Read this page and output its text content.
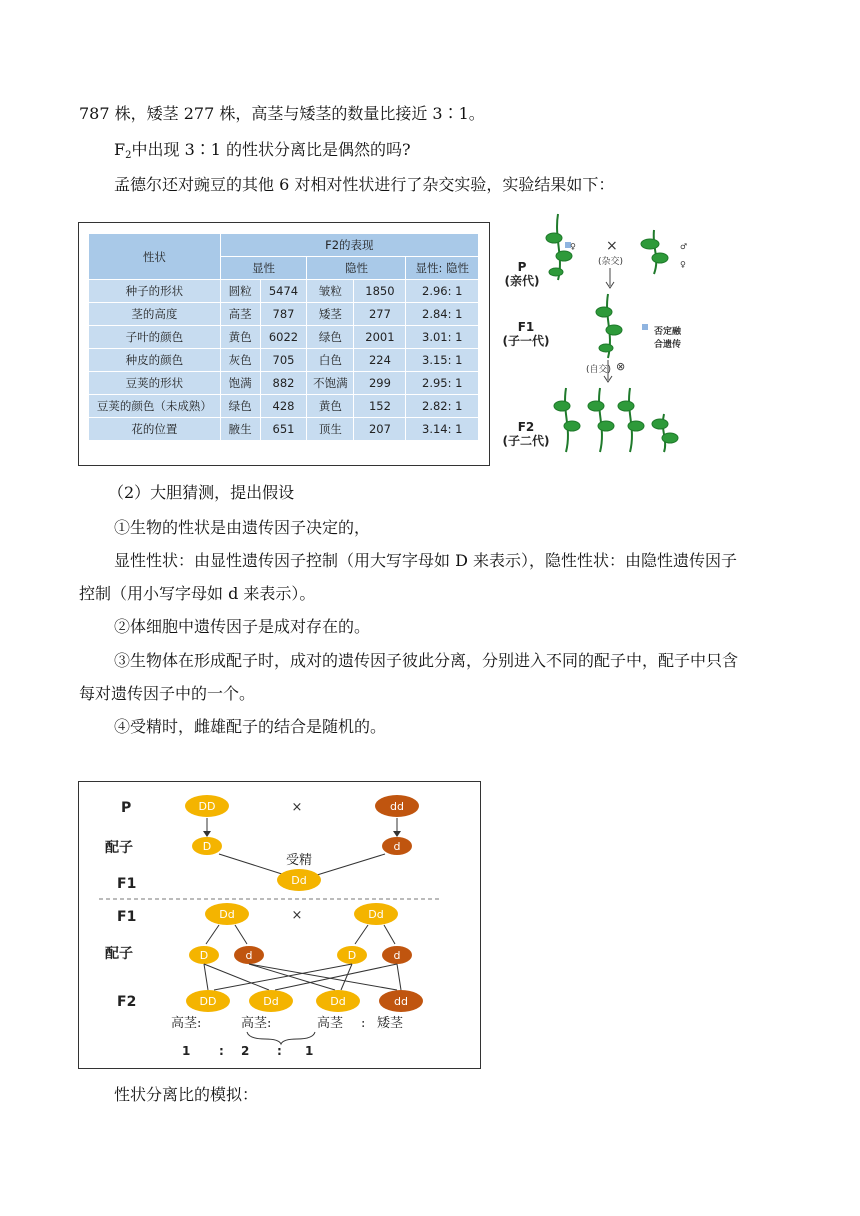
787 株，矮茎 277 株，高茎与矮茎的数量比接近 3∶1。
$F_2$中出现 3∶1 的性状分离比是偶然的吗?
孟德尔还对豌豆的其他 6 对相对性状进行了杂交实验，实验结果如下：
性状	F2的表现				
	显性		隐性		显性: 隐性
种子的形状	圆粒	5474	皱粒	1850	2.96: 1
茎的高度	高茎	787	矮茎	277	2.84: 1
子叶的颜色	黄色	6022	绿色	2001	3.01: 1
种皮的颜色	灰色	705	白色	224	3.15: 1
豆荚的形状	饱满	882	不饱满	299	2.95: 1
豆荚的颜色（未成熟）	绿色	428	黄色	152	2.82: 1
花的位置	腋生	651	顶生	207	3.14: 1
P
(亲代)
F1
(子一代)
F2
(子二代)
×
(杂交)
♀	♂
♀
(自交) ⊗
否定融
合遗传
（2）大胆猜测，提出假设
①生物的性状是由遗传因子决定的，
显性性状：由显性遗传因子控制（用大写字母如 D 来表示），隐性性状：由隐性遗传因子
控制（用小写字母如 d 来表示）。
②体细胞中遗传因子是成对存在的。
③生物体在形成配子时，成对的遗传因子彼此分离，分别进入不同的配子中，配子中只含
每对遗传因子中的一个。
④受精时，雌雄配子的结合是随机的。
P
配子
F1
F1
配子
F2
DD	×	dd
D	d
受精
Dd
Dd	×	Dd
D	d	D	d
DD	Dd	Dd	dd
高茎:	高茎:	高茎 : 矮茎
1 : 2 : 1
性状分离比的模拟：
